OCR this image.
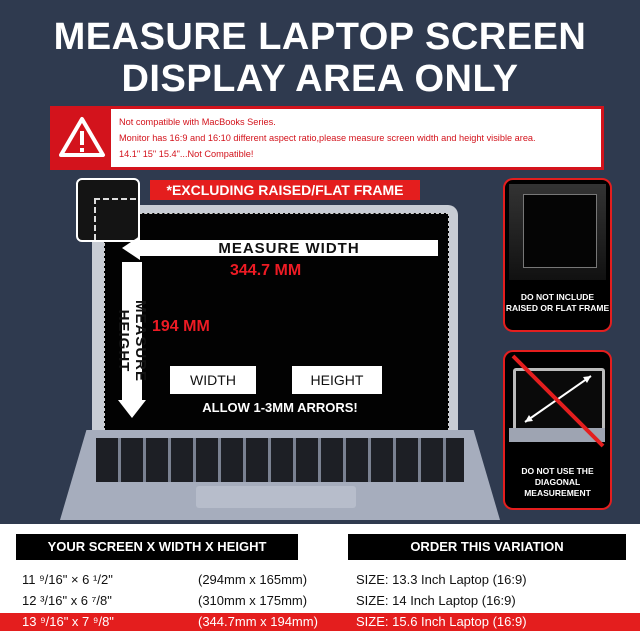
MEASURE LAPTOP SCREEN
DISPLAY AREA ONLY
Not compatible with MacBooks Series.
Monitor has 16:9 and 16:10 different aspect ratio,please measure screen width and height visible area.
14.1" 15" 15.4"...Not Compatible!
*EXCLUDING RAISED/FLAT FRAME
MEASURE WIDTH
344.7 MM
MEASURE HEIGHT	194 MM
WIDTH	HEIGHT
ALLOW 1-3MM ARRORS!
DO NOT INCLUDE RAISED OR FLAT FRAME
DO NOT USE THE DIAGONAL MEASUREMENT
YOUR SCREEN X WIDTH X HEIGHT	ORDER THIS VARIATION
11 ⁹/16" × 6 ¹/2"	(294mm x 165mm)	SIZE: 13.3 Inch Laptop (16:9)
12 ³/16" x 6 ⁷/8"	(310mm x 175mm)	SIZE: 14 Inch Laptop (16:9)
13 ⁹/16" x 7 ⁹/8"	(344.7mm x 194mm)	SIZE: 15.6 Inch Laptop (16:9)
